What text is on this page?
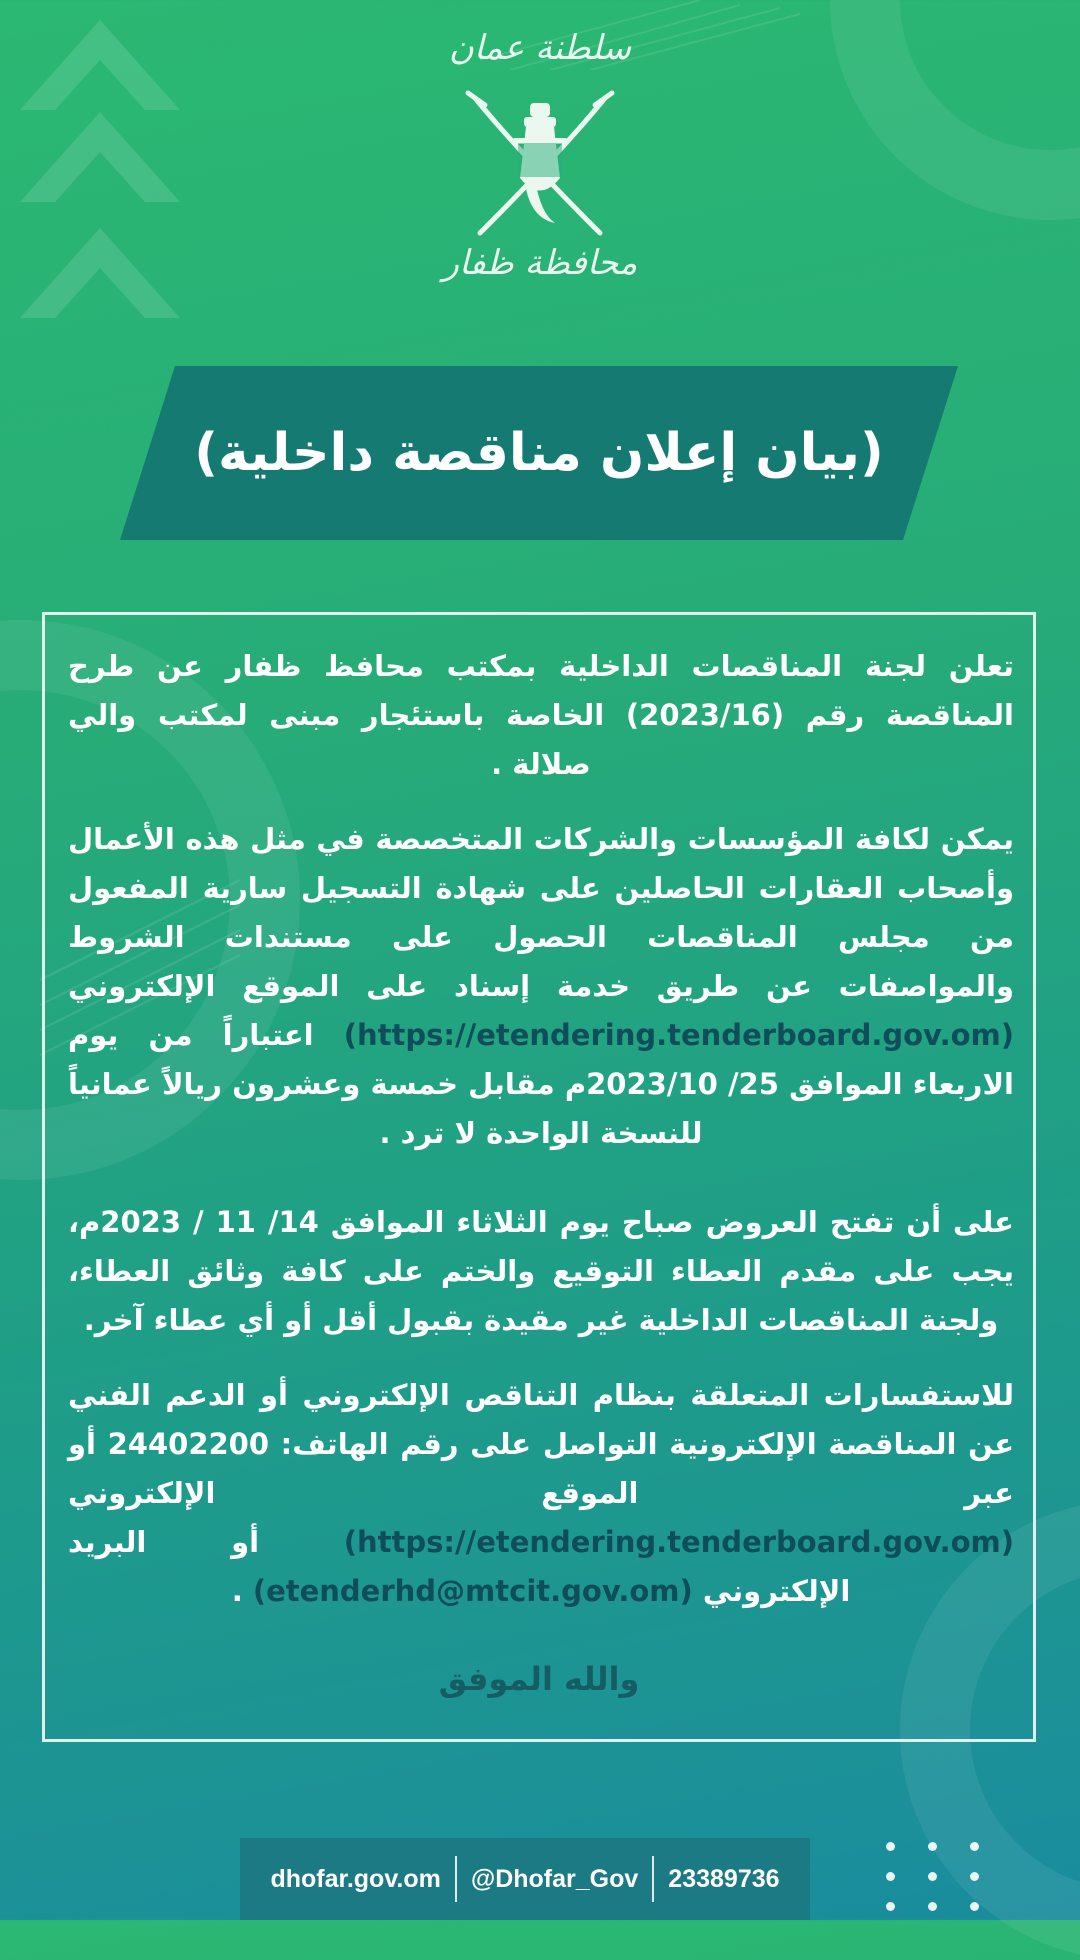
سلطنة عمان
محافظة ظفار
(بيان إعلان مناقصة داخلية)

تعلن لجنة المناقصات الداخلية بمكتب محافظ ظفار عن طرح المناقصة رقم (2023/16) الخاصة باستئجار مبنى لمكتب والي صلالة .

يمكن لكافة المؤسسات والشركات المتخصصة في مثل هذه الأعمال وأصحاب العقارات الحاصلين على شهادة التسجيل سارية المفعول من مجلس المناقصات الحصول على مستندات الشروط والمواصفات عن طريق خدمة إسناد على الموقع الإلكتروني (https://etendering.tenderboard.gov.om) اعتباراً من يوم الاربعاء الموافق 25/ 2023/10م مقابل خمسة وعشرون ريالاً عمانياً للنسخة الواحدة لا ترد .

على أن تفتح العروض صباح يوم الثلاثاء الموافق 14/ 11 / 2023م، يجب على مقدم العطاء التوقيع والختم على كافة وثائق العطاء، ولجنة المناقصات الداخلية غير مقيدة بقبول أقل أو أي عطاء آخر.

للاستفسارات المتعلقة بنظام التناقص الإلكتروني أو الدعم الفني عن المناقصة الإلكترونية التواصل على رقم الهاتف: 24402200 أو عبر الموقع الإلكتروني (https://etendering.tenderboard.gov.om) أو البريد الإلكتروني (etenderhd@mtcit.gov.om) .

والله الموفق
dhofar.gov.om	@Dhofar_Gov	23389736
